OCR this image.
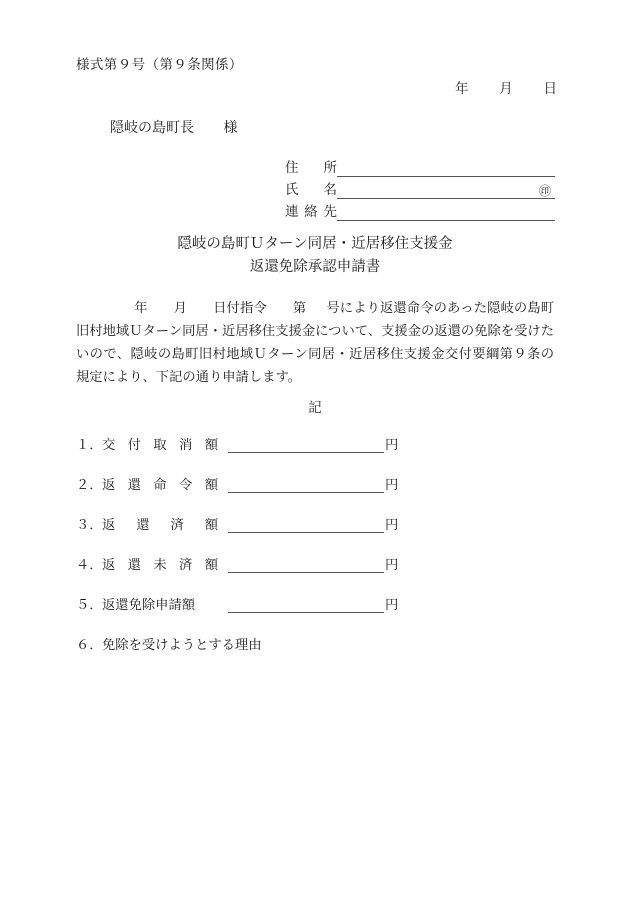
様式第９号（第９条関係）
年 月 日
隠岐の島町長 様
住　所
氏　名	㊞
連絡先
隠岐の島町Ｕターン同居・近居移住支援金
返還免除承認申請書
年 月 日付指令 第 号により返還命令のあった隠岐の島町旧村地域Ｕターン同居・近居移住支援金について、支援金の返還の免除を受けたいので、隠岐の島町旧村地域Ｕターン同居・近居移住支援金交付要綱第９条の規定により、下記の通り申請します。
記
１．交付取消額	円
２．返還命令額	円
３．返還済額	円
４．返還未済額	円
５．返還免除申請額	円
６．免除を受けようとする理由
